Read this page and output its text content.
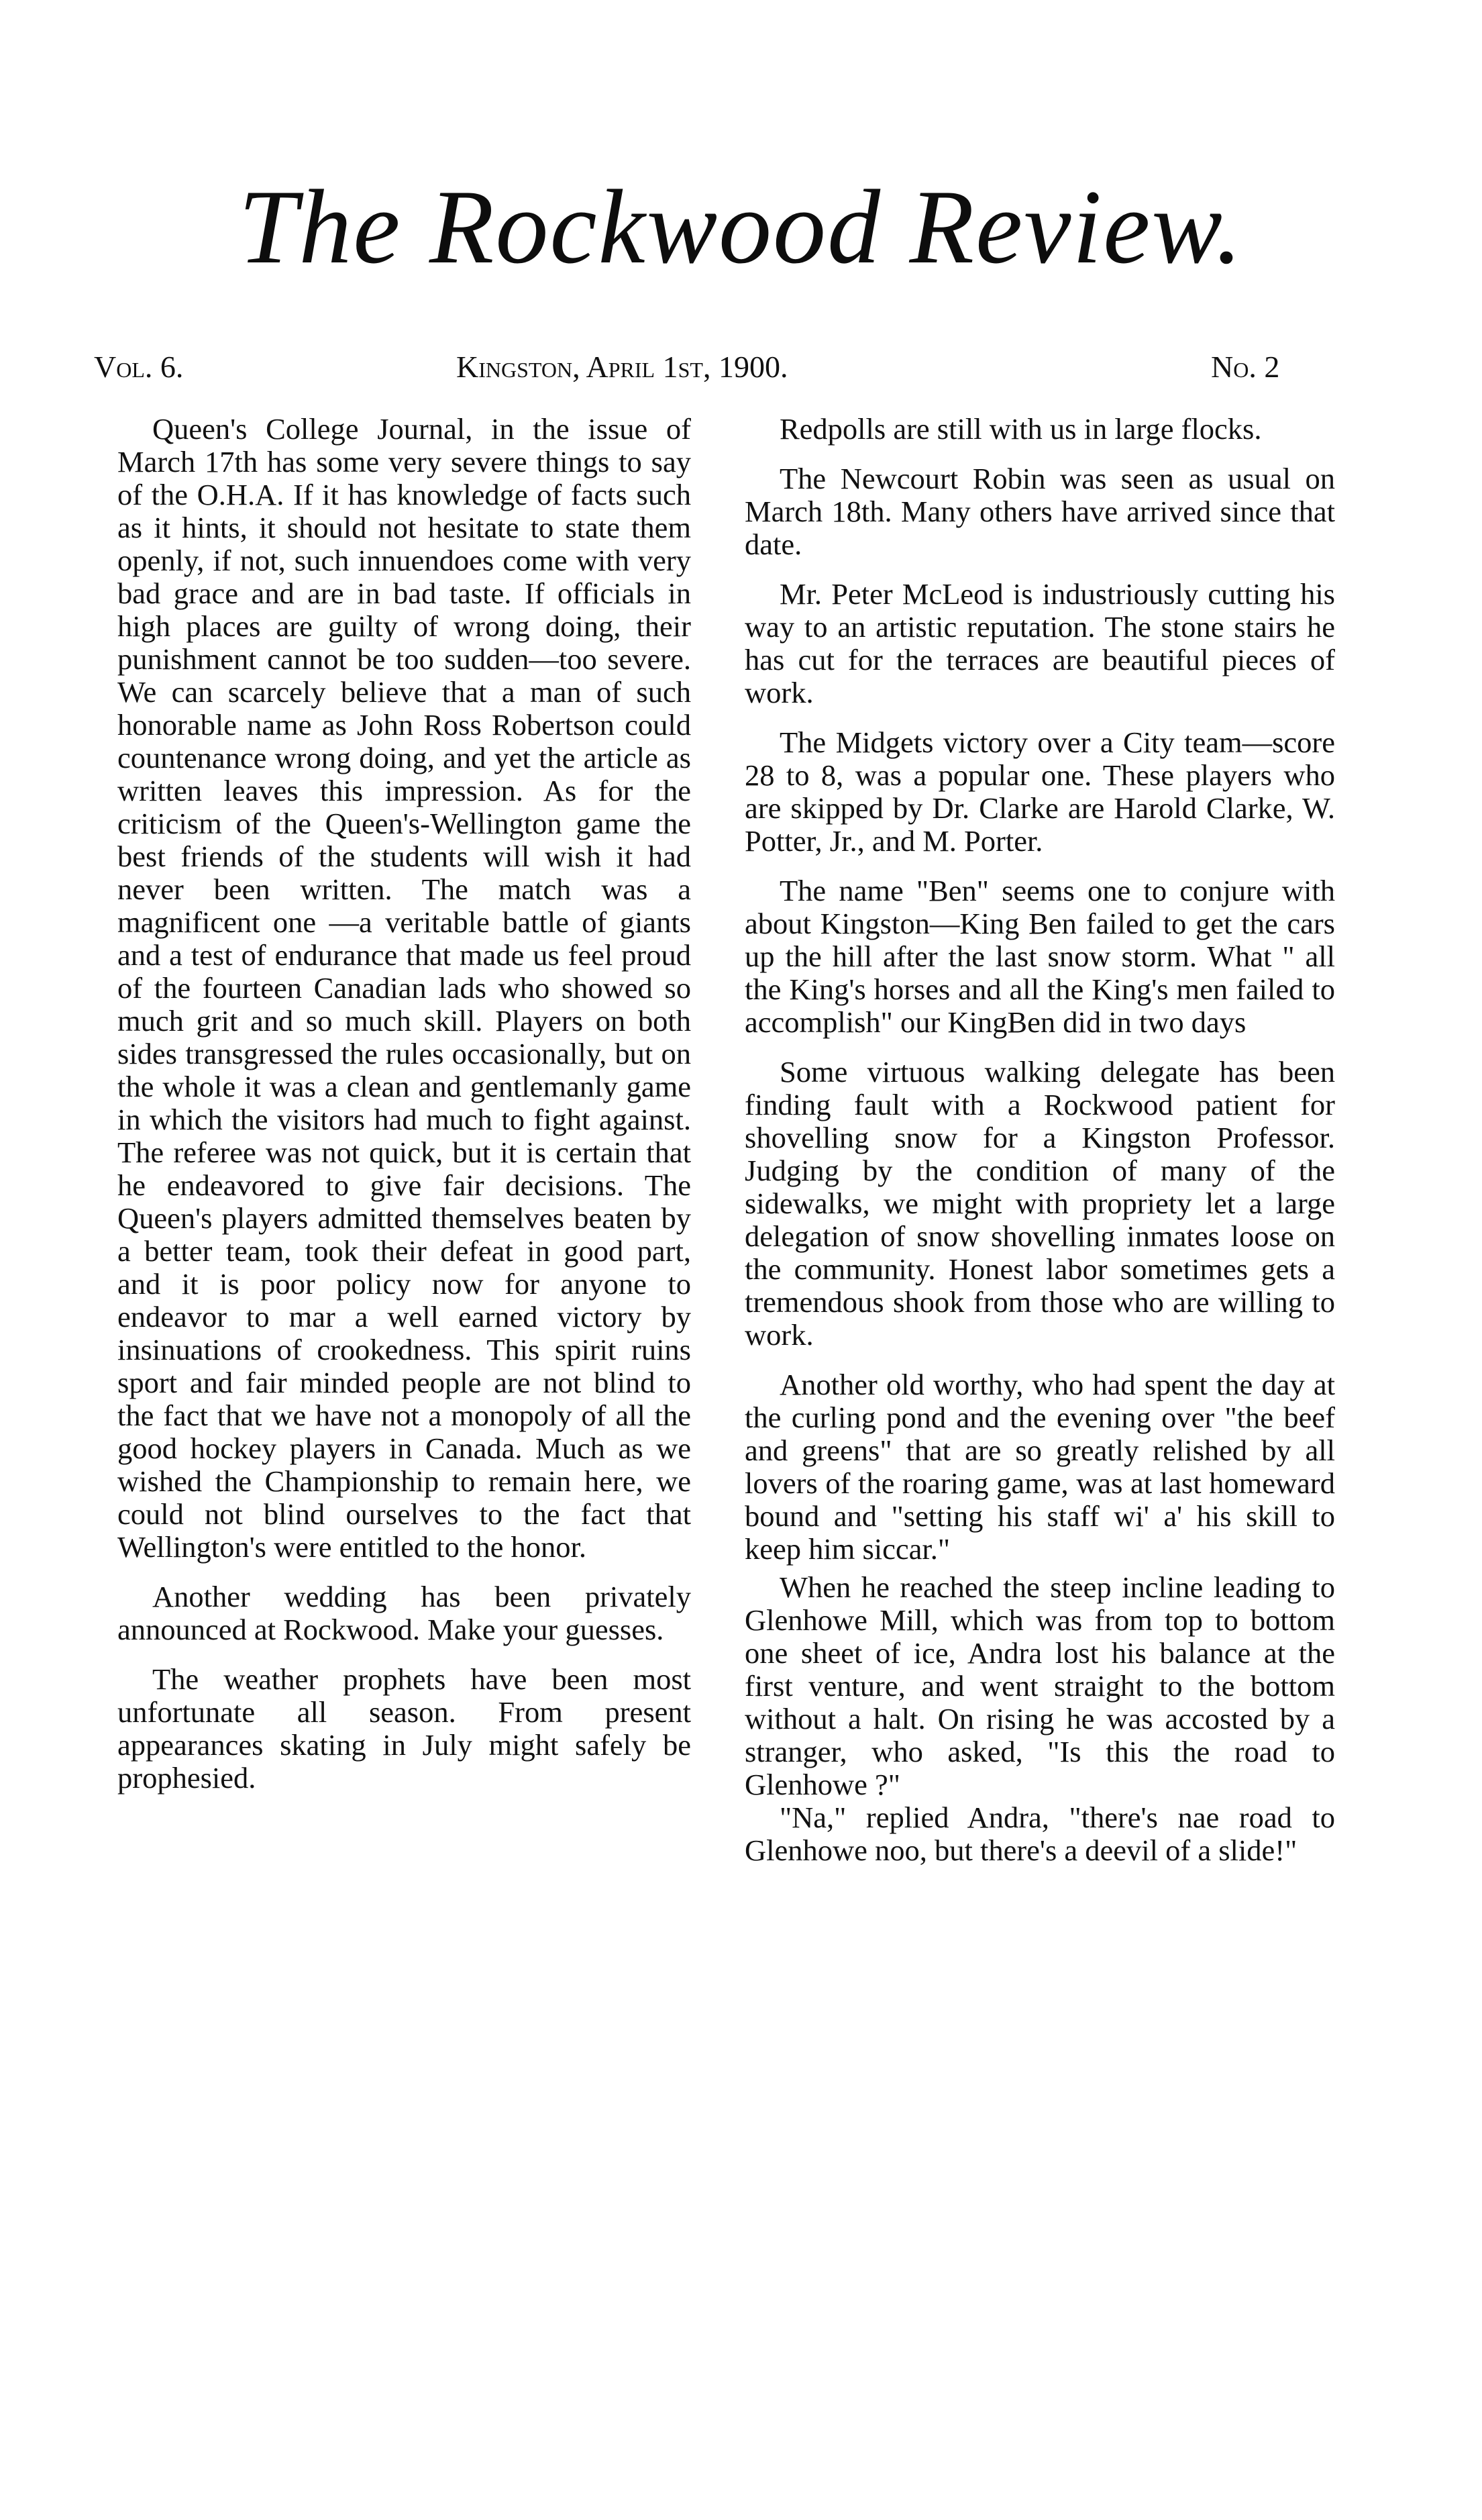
The Rockwood Review.
Vol. 6.	Kingston, April 1st, 1900.	No. 2

Queen's College Journal, in the issue of March 17th has some very severe things to say of the O.H.A. If it has knowledge of facts such as it hints, it should not hesitate to state them openly, if not, such innuendoes come with very bad grace and are in bad taste. If officials in high places are guilty of wrong doing, their punishment cannot be too sudden—too severe. We can scarcely believe that a man of such honorable name as John Ross Robertson could countenance wrong doing, and yet the article as written leaves this impression. As for the criticism of the Queen's-Wellington game the best friends of the students will wish it had never been written. The match was a magnificent one —a veritable battle of giants and a test of endurance that made us feel proud of the fourteen Canadian lads who showed so much grit and so much skill. Players on both sides transgressed the rules occasionally, but on the whole it was a clean and gentlemanly game in which the visitors had much to fight against. The referee was not quick, but it is certain that he endeavored to give fair decisions. The Queen's players admitted themselves beaten by a better team, took their defeat in good part, and it is poor policy now for anyone to endeavor to mar a well earned victory by insinuations of crookedness. This spirit ruins sport and fair minded people are not blind to the fact that we have not a monopoly of all the good hockey players in Canada. Much as we wished the Championship to remain here, we could not blind ourselves to the fact that Wellington's were entitled to the honor.

Another wedding has been privately announced at Rockwood. Make your guesses.

The weather prophets have been most unfortunate all season. From present appearances skating in July might safely be prophesied.

Redpolls are still with us in large flocks.

The Newcourt Robin was seen as usual on March 18th. Many others have arrived since that date.

Mr. Peter McLeod is industriously cutting his way to an artistic reputation. The stone stairs he has cut for the terraces are beautiful pieces of work.

The Midgets victory over a City team—score 28 to 8, was a popular one. These players who are skipped by Dr. Clarke are Harold Clarke, W. Potter, Jr., and M. Porter.

The name "Ben" seems one to conjure with about Kingston—King Ben failed to get the cars up the hill after the last snow storm. What " all the King's horses and all the King's men failed to accomplish" our KingBen did in two days

Some virtuous walking delegate has been finding fault with a Rockwood patient for shovelling snow for a Kingston Professor. Judging by the condition of many of the sidewalks, we might with propriety let a large delegation of snow shovelling inmates loose on the community. Honest labor sometimes gets a tremendous shook from those who are willing to work.

Another old worthy, who had spent the day at the curling pond and the evening over "the beef and greens" that are so greatly relished by all lovers of the roaring game, was at last homeward bound and "setting his staff wi' a' his skill to keep him siccar."

When he reached the steep incline leading to Glenhowe Mill, which was from top to bottom one sheet of ice, Andra lost his balance at the first venture, and went straight to the bottom without a halt. On rising he was accosted by a stranger, who asked, "Is this the road to Glenhowe ?"

"Na," replied Andra, "there's nae road to Glenhowe noo, but there's a deevil of a slide!"
